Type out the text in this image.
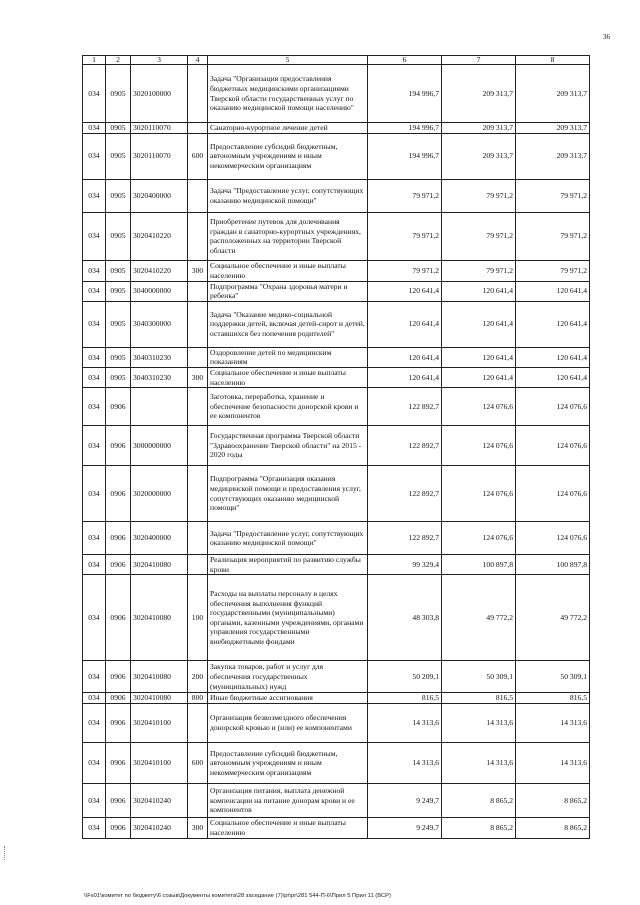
36
1	2	3	4	5	6	7	8
034	0905	3020100000		Задача "Организация предоставления бюджетных медицинскими организациями Тверской области государственных услуг по оказанию медицинской помощи населению"	194 996,7	209 313,7	209 313,7
034	0905	3020110070		Санаторно-курортное лечение детей	194 996,7	209 313,7	209 313,7
034	0905	3020110070	600	Предоставление субсидий бюджетным, автономным учреждениям и иным некоммерческим организациям	194 996,7	209 313,7	209 313,7
034	0905	3020400000		Задача "Предоставление услуг, сопутствующих оказанию медицинской помощи"	79 971,2	79 971,2	79 971,2
034	0905	3020410220		Приобретение путевок для долечивания граждан в санаторно-курортных учреждениях, расположенных на территории Тверской области	79 971,2	79 971,2	79 971,2
034	0905	3020410220	300	Социальное обеспечение и иные выплаты населению	79 971,2	79 971,2	79 971,2
034	0905	3040000000		Подпрограмма "Охрана здоровья матери и ребенка"	120 641,4	120 641,4	120 641,4
034	0905	3040300000		Задача "Оказание медико-социальной поддержки детей, включая детей-сирот и детей, оставшихся без попечения родителей"	120 641,4	120 641,4	120 641,4
034	0905	3040310230		Оздоровление детей по медицинским показаниям	120 641,4	120 641,4	120 641,4
034	0905	3040310230	300	Социальное обеспечение и иные выплаты населению	120 641,4	120 641,4	120 641,4
034	0906			Заготовка, переработка, хранение и обеспечение безопасности донорской крови и ее компонентов	122 892,7	124 076,6	124 076,6
034	0906	3000000000		Государственная программа Тверской области "Здравоохранение Тверской области" на 2015 - 2020 годы	122 892,7	124 076,6	124 076,6
034	0906	3020000000		Подпрограмма "Организация оказания медицинской помощи и предоставления услуг, сопутствующих оказанию медицинской помощи"	122 892,7	124 076,6	124 076,6
034	0906	3020400000		Задача "Предоставление услуг, сопутствующих оказанию медицинской помощи"	122 892,7	124 076,6	124 076,6
034	0906	3020410080		Реализация мероприятий по развитию службы крови	99 329,4	100 897,8	100 897,8
034	0906	3020410080	100	Расходы на выплаты персоналу в целях обеспечения выполнения функций государственными (муниципальными) органами, казенными учреждениями, органами управления государственными внебюджетными фондами	48 303,8	49 772,2	49 772,2
034	0906	3020410080	200	Закупка товаров, работ и услуг для обеспечения государственных (муниципальных) нужд	50 209,1	50 309,1	50 309,1
034	0906	3020410080	800	Иные бюджетные ассигнования	816,5	816,5	816,5
034	0906	3020410100		Организация безвозмездного обеспечения донорской кровью и (или) ее компонентами	14 313,6	14 313,6	14 313,6
034	0906	3020410100	600	Предоставление субсидий бюджетным, автономным учреждениям и иным некоммерческим организациям	14 313,6	14 313,6	14 313,6
034	0906	3020410240		Организация питания, выплата денежной компенсации на питание донорам крови и ее компонентов	9 249,7	8 865,2	8 865,2
034	0906	3020410240	300	Социальное обеспечение и иные выплаты населению	9 249,7	8 865,2	8 865,2
\\Fs01\комитет по бюджету\6 созыв\Документы комитета\28 заседание (7)\pr\pr\281 544-П-6\Прил 5 Прил 11 (ВСР)
